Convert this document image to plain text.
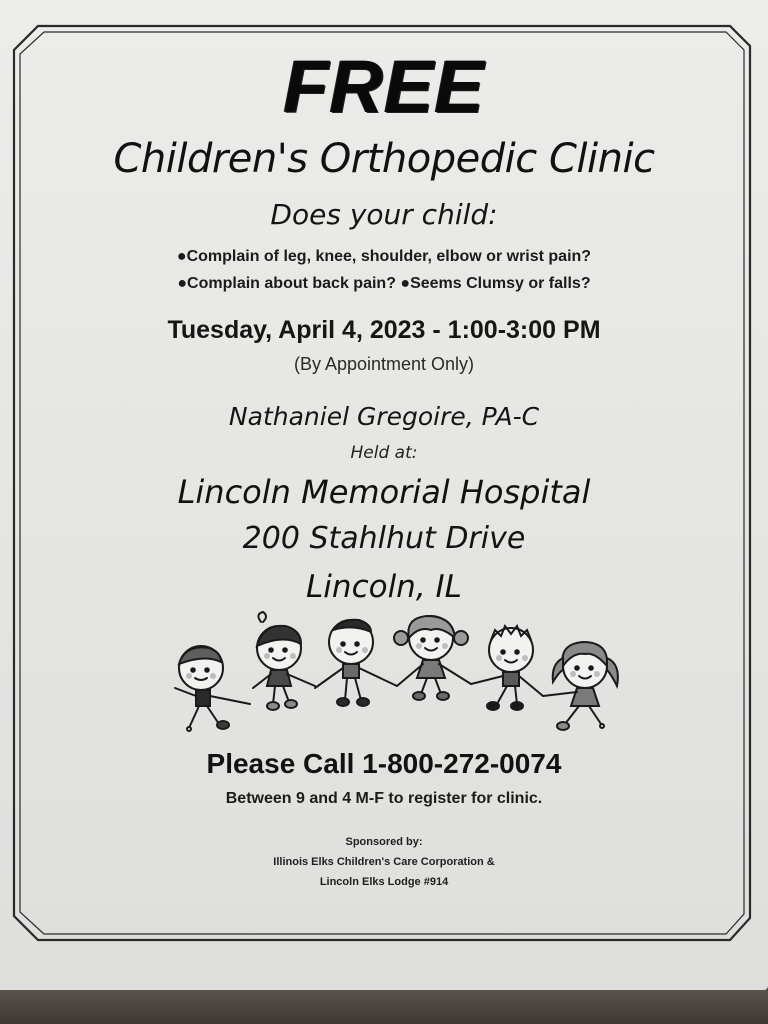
FREE
Children's Orthopedic Clinic
Does your child:
●Complain of leg, knee, shoulder, elbow or wrist pain?
●Complain about back pain? ●Seems Clumsy or falls?
Tuesday, April 4, 2023 - 1:00-3:00 PM
(By Appointment Only)
Nathaniel Gregoire, PA-C
Held at:
Lincoln Memorial Hospital
200 Stahlhut Drive
Lincoln, IL
Please Call 1-800-272-0074
Between 9 and 4 M-F to register for clinic.
Sponsored by:
Illinois Elks Children's Care Corporation &
Lincoln Elks Lodge #914
